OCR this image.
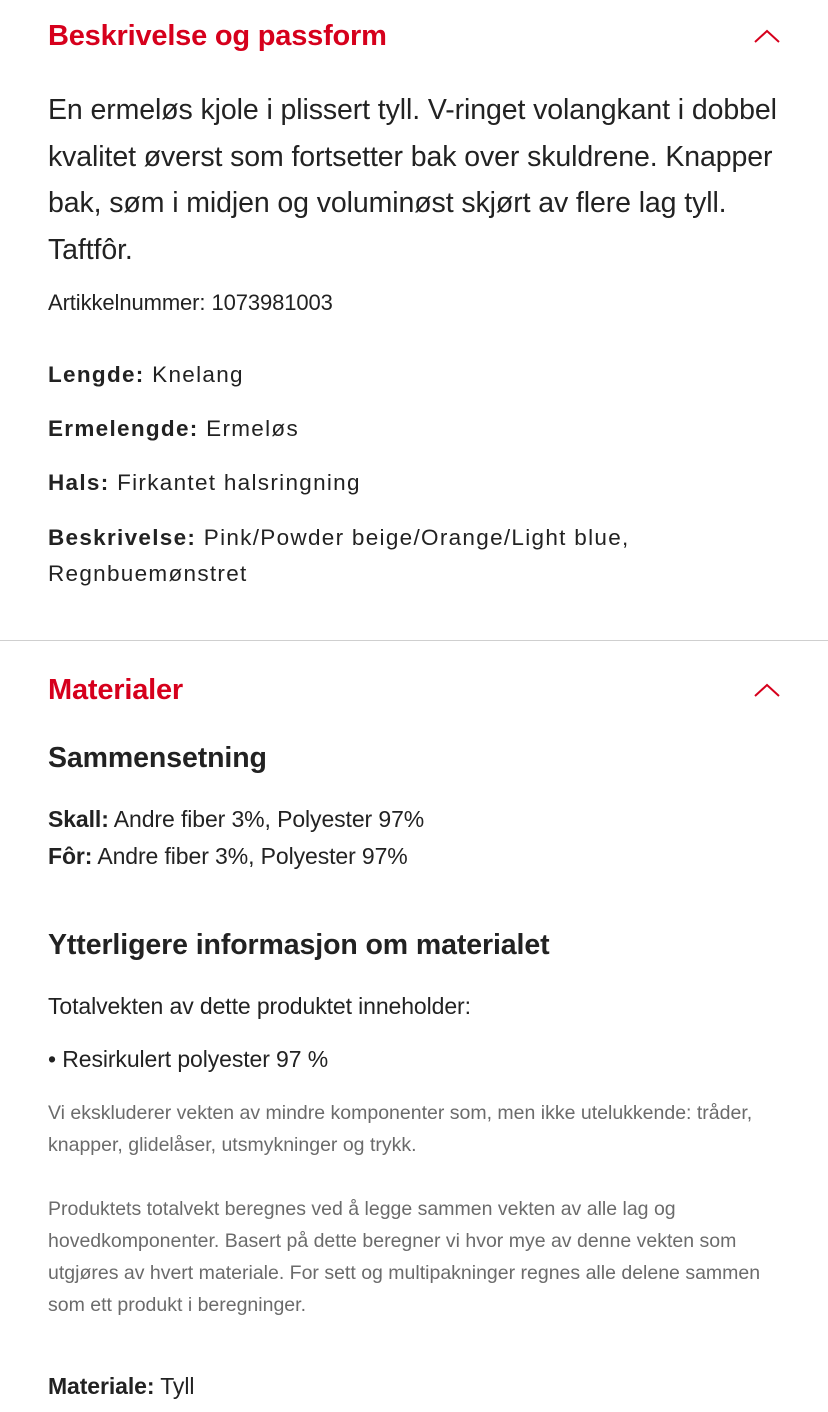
Beskrivelse og passform

En ermeløs kjole i plissert tyll. V-ringet volangkant i dobbel kvalitet øverst som fortsetter bak over skuldrene. Knapper bak, søm i midjen og voluminøst skjørt av flere lag tyll. Taftfôr.

Artikkelnummer: 1073981003
Lengde: Knelang
Ermelengde: Ermeløs
Hals: Firkantet halsringning
Beskrivelse: Pink/Powder beige/Orange/Light blue, Regnbuemønstret
Materialer
Sammensetning
Skall: Andre fiber 3%, Polyester 97%
Fôr: Andre fiber 3%, Polyester 97%
Ytterligere informasjon om materialet

Totalvekten av dette produktet inneholder:

• Resirkulert polyester 97 %

Vi ekskluderer vekten av mindre komponenter som, men ikke utelukkende: tråder, knapper, glidelåser, utsmykninger og trykk.

Produktets totalvekt beregnes ved å legge sammen vekten av alle lag og hovedkomponenter. Basert på dette beregner vi hvor mye av denne vekten som utgjøres av hvert materiale. For sett og multipakninger regnes alle delene sammen som ett produkt i beregninger.

Materiale: Tyll
